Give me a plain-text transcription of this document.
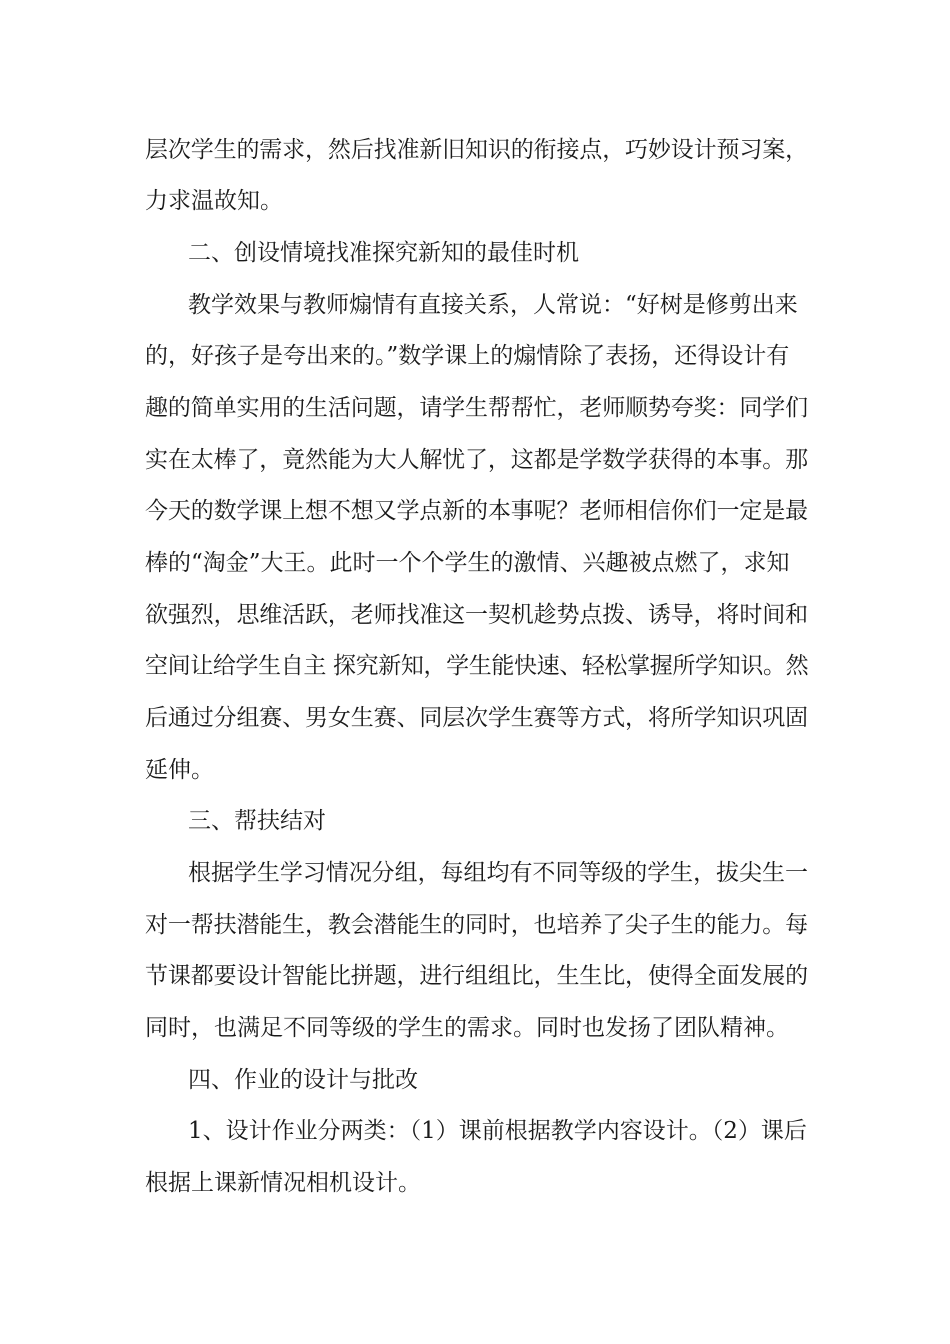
层次学生的需求，然后找准新旧知识的衔接点，巧妙设计预习案，
力求温故知。
二、创设情境找准探究新知的最佳时机
教学效果与教师煽情有直接关系，人常说：“好树是修剪出来
的，好孩子是夸出来的。”数学课上的煽情除了表扬，还得设计有
趣的简单实用的生活问题，请学生帮帮忙，老师顺势夸奖：同学们
实在太棒了，竟然能为大人解忧了，这都是学数学获得的本事。那
今天的数学课上想不想又学点新的本事呢？老师相信你们一定是最
棒的“淘金”大王。此时一个个学生的激情、兴趣被点燃了，求知
欲强烈，思维活跃，老师找准这一契机趁势点拨、诱导，将时间和
空间让给学生自主 探究新知，学生能快速、轻松掌握所学知识。然
后通过分组赛、男女生赛、同层次学生赛等方式，将所学知识巩固
延伸。
三、帮扶结对
根据学生学习情况分组，每组均有不同等级的学生，拔尖生一
对一帮扶潜能生，教会潜能生的同时，也培养了尖子生的能力。每
节课都要设计智能比拼题，进行组组比，生生比，使得全面发展的
同时，也满足不同等级的学生的需求。同时也发扬了团队精神。
四、作业的设计与批改
1、设计作业分两类：（1）课前根据教学内容设计。（2）课后
根据上课新情况相机设计。
